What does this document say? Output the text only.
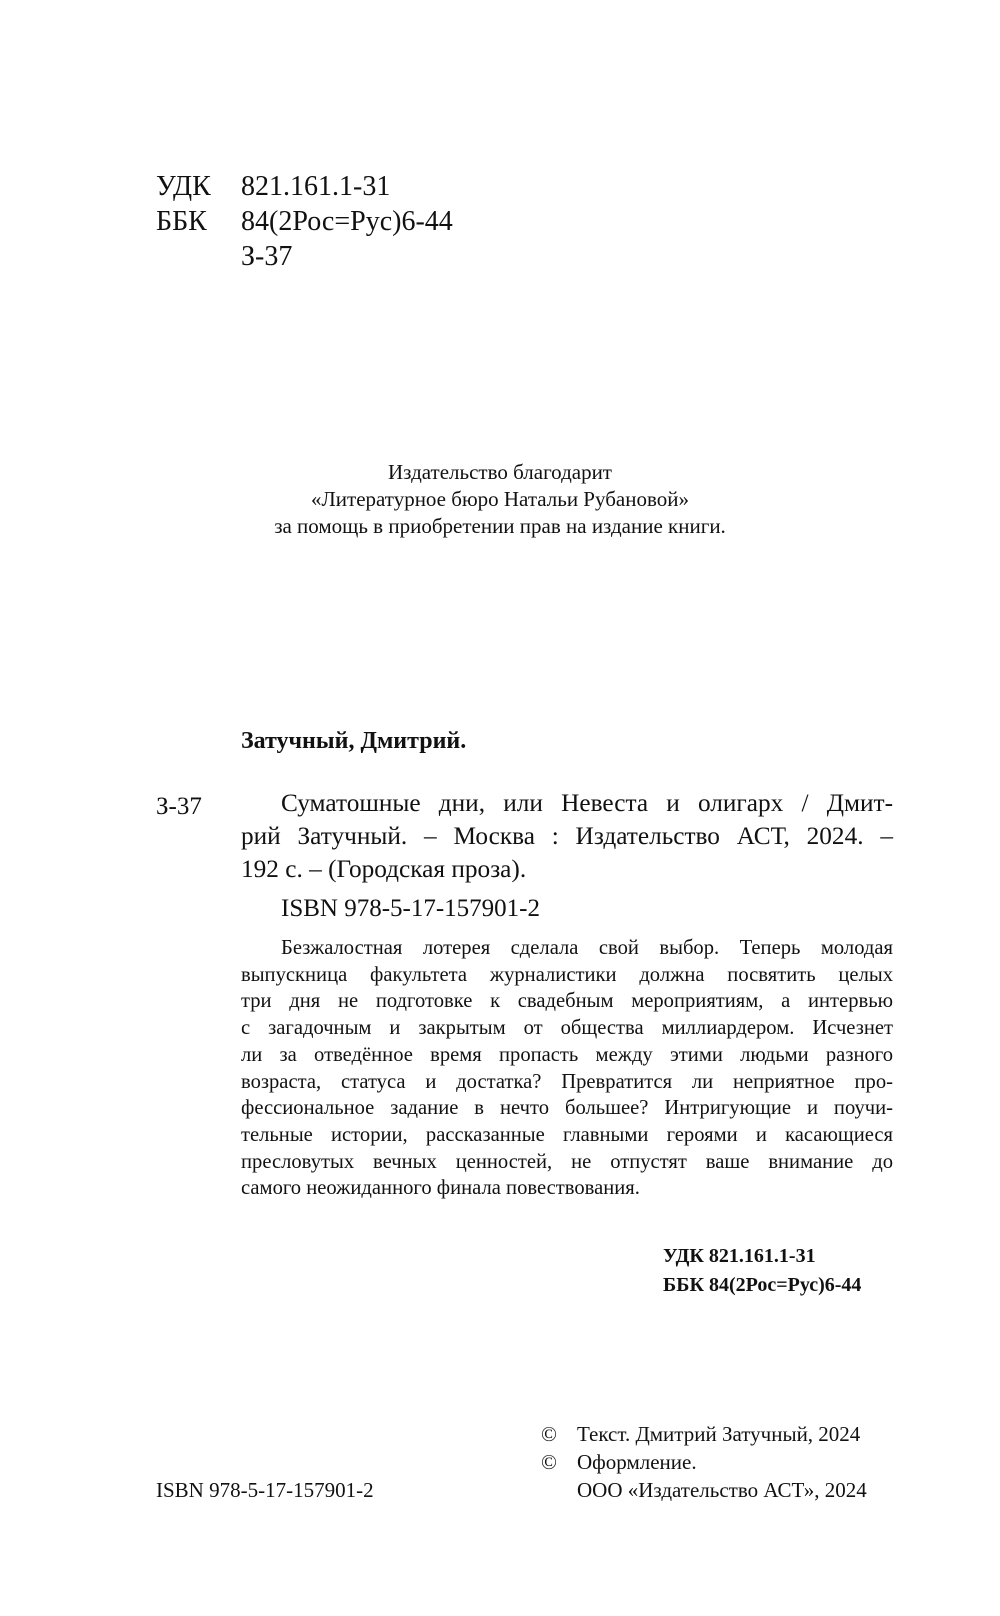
УДК 821.161.1-31
ББК 84(2Рос=Рус)6-44
З-37
Издательство благодарит
«Литературное бюро Натальи Рубановой»
за помощь в приобретении прав на издание книги.
Затучный, Дмитрий.
З-37	Суматошные дни, или Невеста и олигарх / Дмит-
рий Затучный. – Москва : Издательство АСТ, 2024. –
192 с. – (Городская проза).
ISBN 978-5-17-157901-2
Безжалостная лотерея сделала свой выбор. Теперь молодая
выпускница факультета журналистики должна посвятить целых
три дня не подготовке к свадебным мероприятиям, а интервью
с загадочным и закрытым от общества миллиардером. Исчезнет
ли за отведённое время пропасть между этими людьми разного
возраста, статуса и достатка? Превратится ли неприятное про-
фессиональное задание в нечто большее? Интригующие и поучи-
тельные истории, рассказанные главными героями и касающиеся
пресловутых вечных ценностей, не отпустят ваше внимание до
самого неожиданного финала повествования.
УДК 821.161.1-31
ББК 84(2Рос=Рус)6-44
© Текст. Дмитрий Затучный, 2024
© Оформление.
ООО «Издательство АСТ», 2024
ISBN 978-5-17-157901-2
